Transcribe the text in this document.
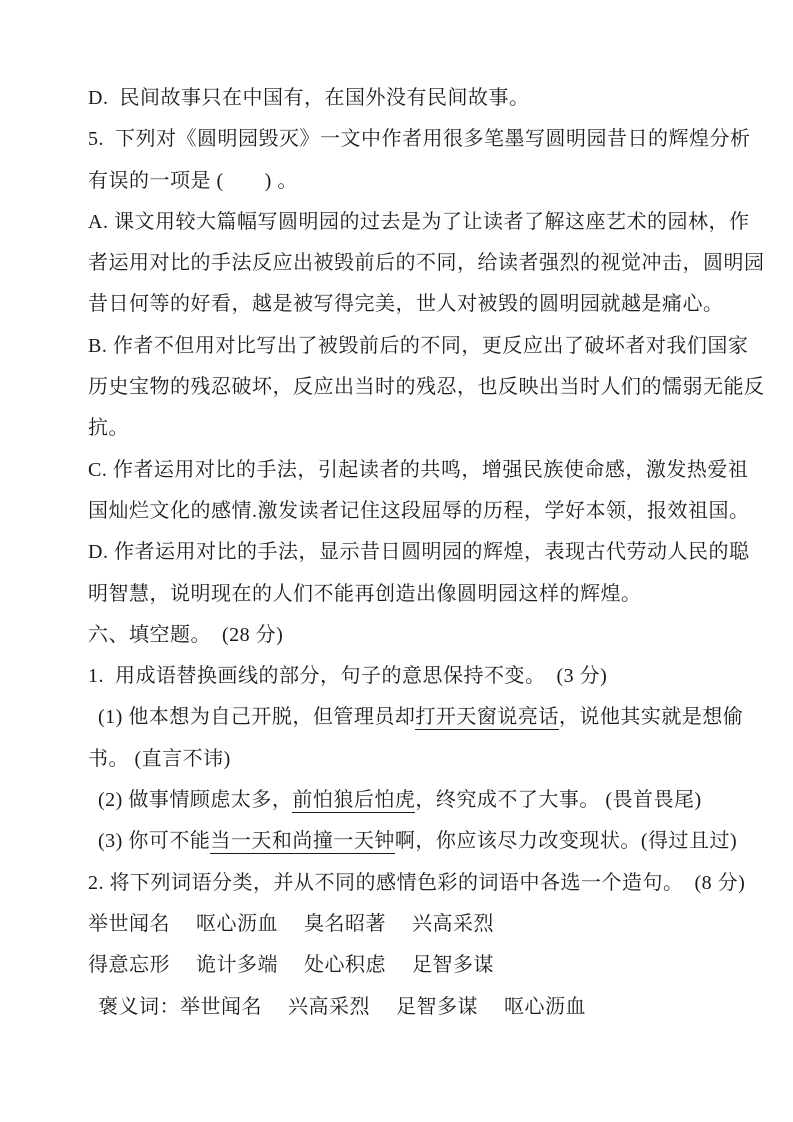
D.  民间故事只在中国有，在国外没有民间故事。
5.  下列对《圆明园毁灭》一文中作者用很多笔墨写圆明园昔日的辉煌分析
有误的一项是 (　　) 。
A. 课文用较大篇幅写圆明园的过去是为了让读者了解这座艺术的园林，作
者运用对比的手法反应出被毁前后的不同，给读者强烈的视觉冲击，圆明园
昔日何等的好看，越是被写得完美，世人对被毁的圆明园就越是痛心。
B. 作者不但用对比写出了被毁前后的不同，更反应出了破坏者对我们国家
历史宝物的残忍破坏，反应出当时的残忍，也反映出当时人们的懦弱无能反
抗。
C. 作者运用对比的手法，引起读者的共鸣，增强民族使命感，激发热爱祖
国灿烂文化的感情.激发读者记住这段屈辱的历程，学好本领，报效祖国。
D. 作者运用对比的手法，显示昔日圆明园的辉煌，表现古代劳动人民的聪
明智慧，说明现在的人们不能再创造出像圆明园这样的辉煌。
六、填空题。  (28 分)
1.  用成语替换画线的部分，句子的意思保持不变。  (3 分)
(1) 他本想为自己开脱，但管理员却打开天窗说亮话，说他其实就是想偷
书。 (直言不讳)
(2) 做事情顾虑太多，前怕狼后怕虎，终究成不了大事。 (畏首畏尾)
(3) 你可不能当一天和尚撞一天钟啊，你应该尽力改变现状。(得过且过)
2. 将下列词语分类，并从不同的感情色彩的词语中各选一个造句。  (8 分)
举世闻名　 呕心沥血　 臭名昭著　 兴高采烈
得意忘形　 诡计多端　 处心积虑　 足智多谋
褒义词：举世闻名　 兴高采烈　 足智多谋　 呕心沥血
